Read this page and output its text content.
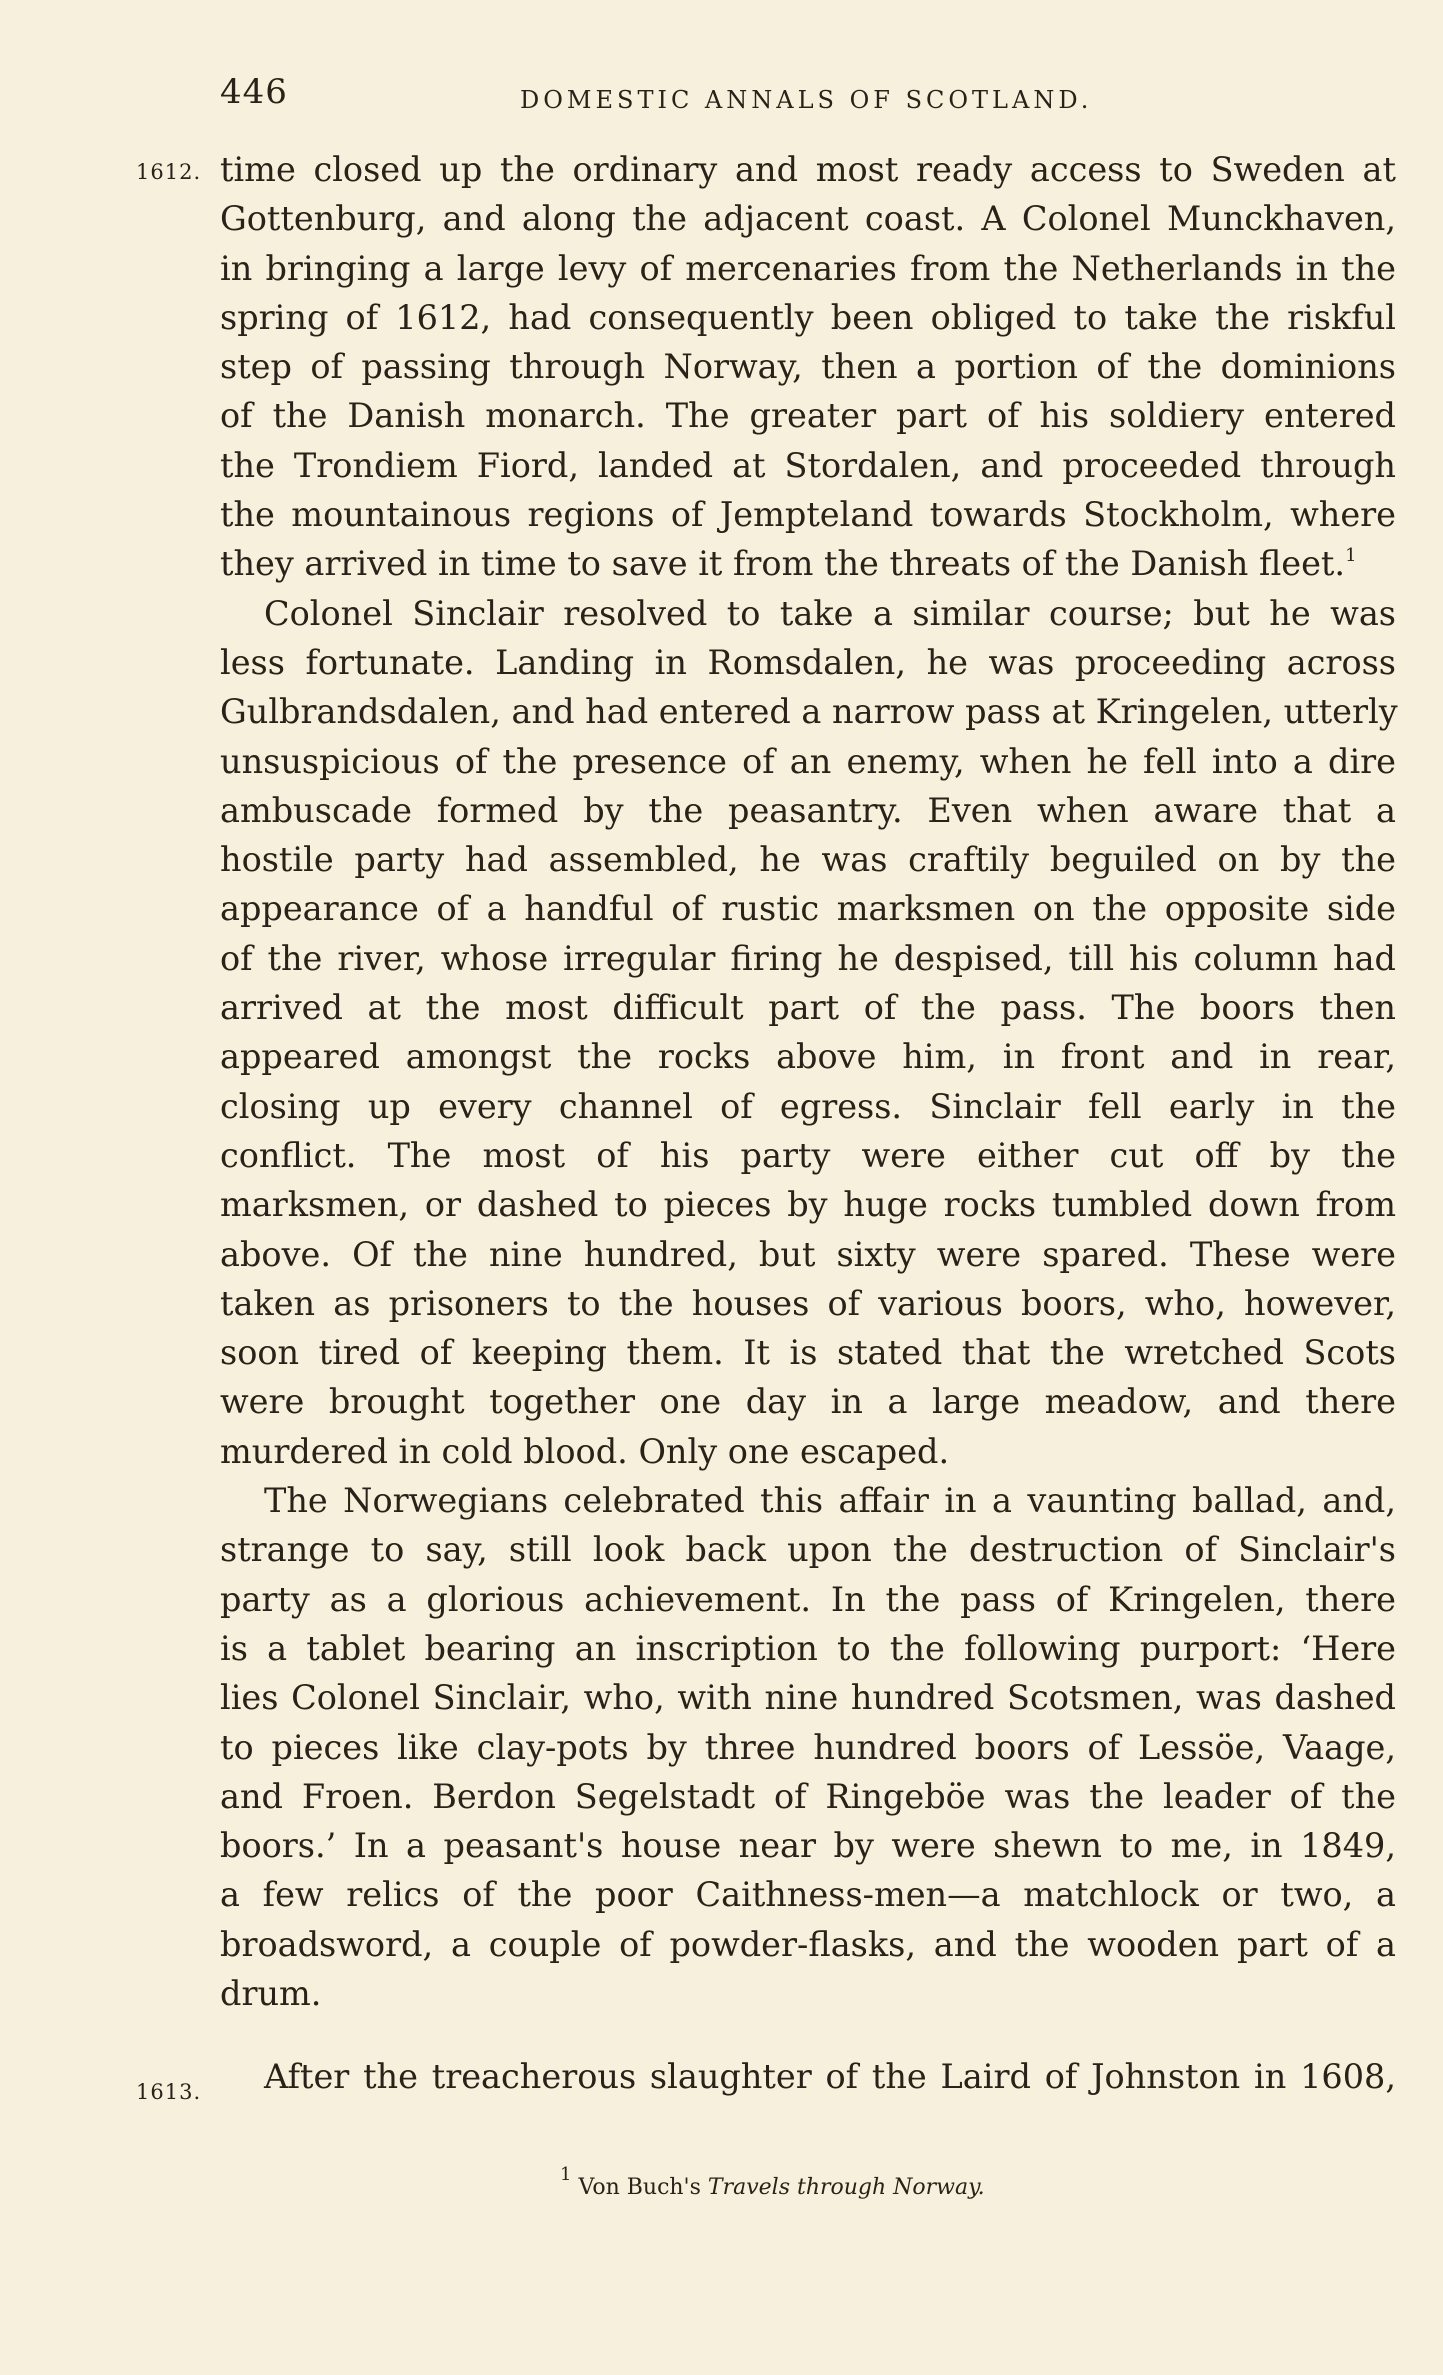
446	DOMESTIC ANNALS OF SCOTLAND.
1612.
1613.
time closed up the ordinary and most ready access to Sweden at
Gottenburg, and along the adjacent coast. A Colonel Munckhaven,
in bringing a large levy of mercenaries from the Netherlands in the
spring of 1612, had consequently been obliged to take the riskful
step of passing through Norway, then a portion of the dominions
of the Danish monarch. The greater part of his soldiery entered
the Trondiem Fiord, landed at Stordalen, and proceeded through
the mountainous regions of Jempteland towards Stockholm, where
they arrived in time to save it from the threats of the Danish fleet.$^1$
Colonel Sinclair resolved to take a similar course; but he was
less fortunate. Landing in Romsdalen, he was proceeding across
Gulbrandsdalen, and had entered a narrow pass at Kringelen, utterly
unsuspicious of the presence of an enemy, when he fell into a dire
ambuscade formed by the peasantry. Even when aware that a
hostile party had assembled, he was craftily beguiled on by the
appearance of a handful of rustic marksmen on the opposite side
of the river, whose irregular firing he despised, till his column had
arrived at the most difficult part of the pass. The boors then
appeared amongst the rocks above him, in front and in rear,
closing up every channel of egress. Sinclair fell early in the
conflict. The most of his party were either cut off by the
marksmen, or dashed to pieces by huge rocks tumbled down from
above. Of the nine hundred, but sixty were spared. These were
taken as prisoners to the houses of various boors, who, however,
soon tired of keeping them. It is stated that the wretched Scots
were brought together one day in a large meadow, and there
murdered in cold blood. Only one escaped.
The Norwegians celebrated this affair in a vaunting ballad, and,
strange to say, still look back upon the destruction of Sinclair's
party as a glorious achievement. In the pass of Kringelen, there
is a tablet bearing an inscription to the following purport: ‘Here
lies Colonel Sinclair, who, with nine hundred Scotsmen, was dashed
to pieces like clay-pots by three hundred boors of Lessöe, Vaage,
and Froen. Berdon Segelstadt of Ringeböe was the leader of the
boors.’ In a peasant's house near by were shewn to me, in 1849,
a few relics of the poor Caithness-men—a matchlock or two, a
broadsword, a couple of powder-flasks, and the wooden part of a
drum.
After the treacherous slaughter of the Laird of Johnston in 1608,
$^1$ Von Buch's Travels through Norway.
